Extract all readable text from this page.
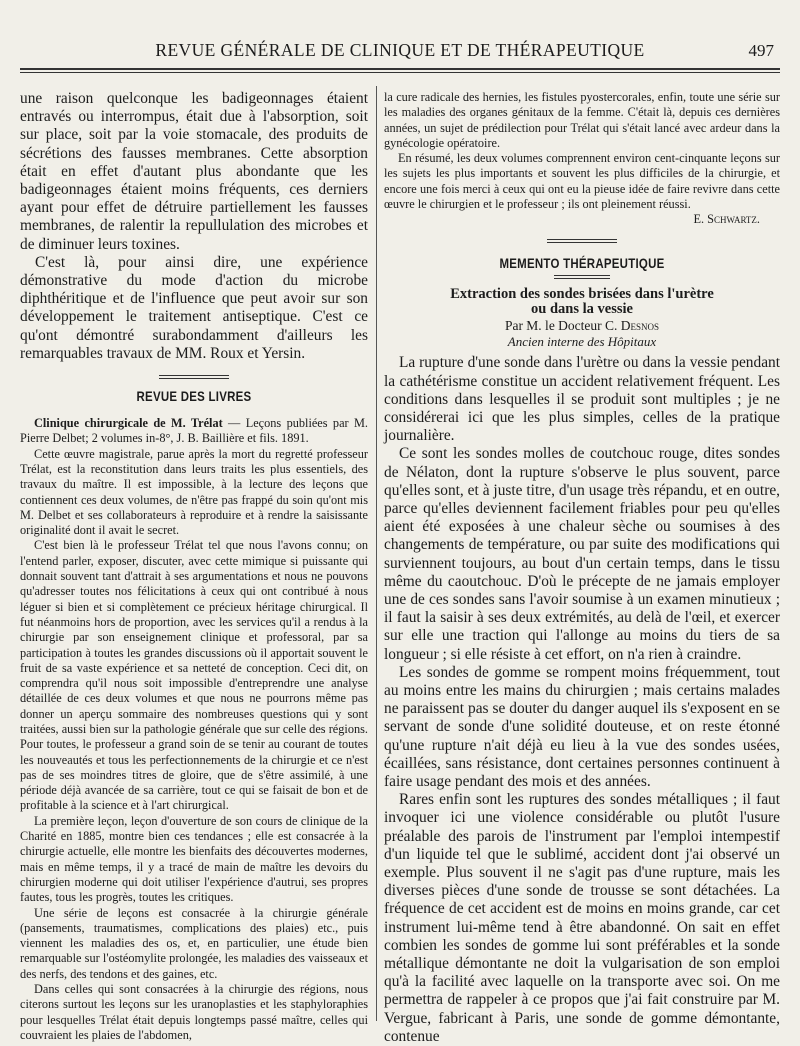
REVUE GÉNÉRALE DE CLINIQUE ET DE THÉRAPEUTIQUE	497

une raison quelconque les badigeonnages étaient entravés ou interrompus, était due à l'absorption, soit sur place, soit par la voie stomacale, des produits de sécrétions des fausses membranes. Cette absorption était en effet d'autant plus abondante que les badigeonnages étaient moins fréquents, ces derniers ayant pour effet de détruire partiellement les fausses membranes, de ralentir la repullulation des microbes et de diminuer leurs toxines.

C'est là, pour ainsi dire, une expérience démonstrative du mode d'action du microbe diphthéritique et de l'influence que peut avoir sur son développement le traitement antiseptique. C'est ce qu'ont démontré surabondamment d'ailleurs les remarquables travaux de MM. Roux et Yersin.

REVUE DES LIVRES

Clinique chirurgicale de M. Trélat — Leçons publiées par M. Pierre Delbet; 2 volumes in-8°, J. B. Baillière et fils. 1891.

Cette œuvre magistrale, parue après la mort du regretté professeur Trélat, est la reconstitution dans leurs traits les plus essentiels, des travaux du maître. Il est impossible, à la lecture des leçons que contiennent ces deux volumes, de n'être pas frappé du soin qu'ont mis M. Delbet et ses collaborateurs à reproduire et à rendre la saisissante originalité dont il avait le secret.

C'est bien là le professeur Trélat tel que nous l'avons connu; on l'entend parler, exposer, discuter, avec cette mimique si puissante qui donnait souvent tant d'attrait à ses argumentations et nous ne pouvons qu'adresser toutes nos félicitations à ceux qui ont contribué à nous léguer si bien et si complètement ce précieux héritage chirurgical. Il fut néanmoins hors de proportion, avec les services qu'il a rendus à la chirurgie par son enseignement clinique et professoral, par sa participation à toutes les grandes discussions où il apportait souvent le fruit de sa vaste expérience et sa netteté de conception. Ceci dit, on comprendra qu'il nous soit impossible d'entreprendre une analyse détaillée de ces deux volumes et que nous ne pourrons même pas donner un aperçu sommaire des nombreuses questions qui y sont traitées, aussi bien sur la pathologie générale que sur celle des régions. Pour toutes, le professeur a grand soin de se tenir au courant de toutes les nouveautés et tous les perfectionnements de la chirurgie et ce n'est pas de ses moindres titres de gloire, que de s'être assimilé, à une période déjà avancée de sa carrière, tout ce qui se faisait de bon et de profitable à la science et à l'art chirurgical.

La première leçon, leçon d'ouverture de son cours de clinique de la Charité en 1885, montre bien ces tendances ; elle est consacrée à la chirurgie actuelle, elle montre les bienfaits des découvertes modernes, mais en même temps, il y a tracé de main de maître les devoirs du chirurgien moderne qui doit utiliser l'expérience d'autrui, ses propres fautes, tous les progrès, toutes les critiques.

Une série de leçons est consacrée à la chirurgie générale (pansements, traumatismes, complications des plaies) etc., puis viennent les maladies des os, et, en particulier, une étude bien remarquable sur l'ostéomylite prolongée, les maladies des vaisseaux et des nerfs, des tendons et des gaines, etc.

Dans celles qui sont consacrées à la chirurgie des régions, nous citerons surtout les leçons sur les uranoplasties et les staphyloraphies pour lesquelles Trélat était depuis longtemps passé maître, celles qui couvraient les plaies de l'abdomen,

la cure radicale des hernies, les fistules pyostercorales, enfin, toute une série sur les maladies des organes génitaux de la femme. C'était là, depuis ces dernières années, un sujet de prédilection pour Trélat qui s'était lancé avec ardeur dans la gynécologie opératoire.

En résumé, les deux volumes comprennent environ cent-cinquante leçons sur les sujets les plus importants et souvent les plus difficiles de la chirurgie, et encore une fois merci à ceux qui ont eu la pieuse idée de faire revivre dans cette œuvre le chirurgien et le professeur ; ils ont pleinement réussi.

E. Schwartz.
MEMENTO THÉRAPEUTIQUE
Extraction des sondes brisées dans l'urètre
ou dans la vessie
Par M. le Docteur C. Desnos
Ancien interne des Hôpitaux

La rupture d'une sonde dans l'urètre ou dans la vessie pendant la cathétérisme constitue un accident relativement fréquent. Les conditions dans lesquelles il se produit sont multiples ; je ne considérerai ici que les plus simples, celles de la pratique journalière.

Ce sont les sondes molles de coutchouc rouge, dites sondes de Nélaton, dont la rupture s'observe le plus souvent, parce qu'elles sont, et à juste titre, d'un usage très répandu, et en outre, parce qu'elles deviennent facilement friables pour peu qu'elles aient été exposées à une chaleur sèche ou soumises à des changements de température, ou par suite des modifications qui surviennent toujours, au bout d'un certain temps, dans le tissu même du caoutchouc. D'où le précepte de ne jamais employer une de ces sondes sans l'avoir soumise à un examen minutieux ; il faut la saisir à ses deux extrémités, au delà de l'œil, et exercer sur elle une traction qui l'allonge au moins du tiers de sa longueur ; si elle résiste à cet effort, on n'a rien à craindre.

Les sondes de gomme se rompent moins fréquemment, tout au moins entre les mains du chirurgien ; mais certains malades ne paraissent pas se douter du danger auquel ils s'exposent en se servant de sonde d'une solidité douteuse, et on reste étonné qu'une rupture n'ait déjà eu lieu à la vue des sondes usées, écaillées, sans résistance, dont certaines personnes continuent à faire usage pendant des mois et des années.

Rares enfin sont les ruptures des sondes métalliques ; il faut invoquer ici une violence considérable ou plutôt l'usure préalable des parois de l'instrument par l'emploi intempestif d'un liquide tel que le sublimé, accident dont j'ai observé un exemple. Plus souvent il ne s'agit pas d'une rupture, mais les diverses pièces d'une sonde de trousse se sont détachées. La fréquence de cet accident est de moins en moins grande, car cet instrument lui-même tend à être abandonné. On sait en effet combien les sondes de gomme lui sont préférables et la sonde métallique démontante ne doit la vulgarisation de son emploi qu'à la facilité avec laquelle on la transporte avec soi. On me permettra de rappeler à ce propos que j'ai fait construire par M. Vergue, fabricant à Paris, une sonde de gomme démontante, contenue
